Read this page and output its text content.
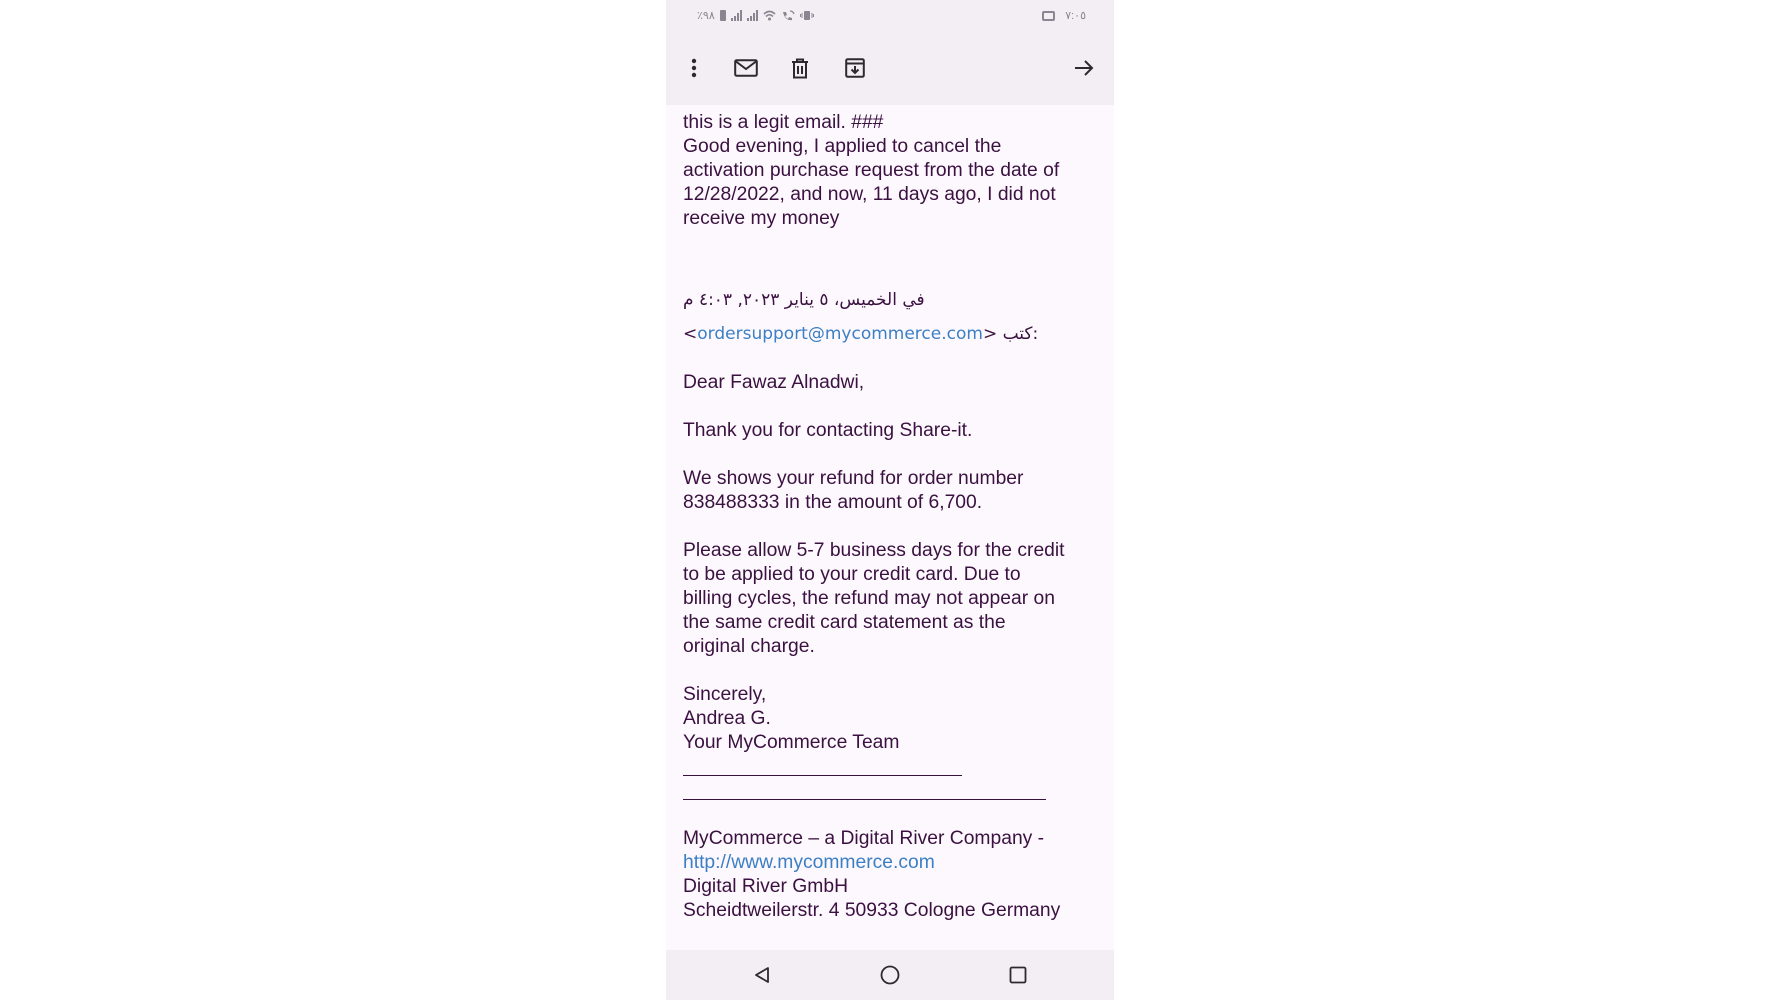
٪٩٨	٧:٠٥

this is a legit email. ###
Good evening, I applied to cancel the
activation purchase request from the date of
12/28/2022, and now, 11 days ago, I did not
receive my money
في الخميس، ٥ يناير ٢٠٢٣, ٤:٠٣ م
<ordersupport@mycommerce.com> كتب:
Dear Fawaz Alnadwi,
Thank you for contacting Share-it.
We shows your refund for order number
838488333 in the amount of 6,700.
Please allow 5-7 business days for the credit
to be applied to your credit card. Due to
billing cycles, the refund may not appear on
the same credit card statement as the
original charge.
Sincerely,
Andrea G.
Your MyCommerce Team
MyCommerce – a Digital River Company -
http://www.mycommerce.com
Digital River GmbH
Scheidtweilerstr. 4 50933 Cologne Germany
